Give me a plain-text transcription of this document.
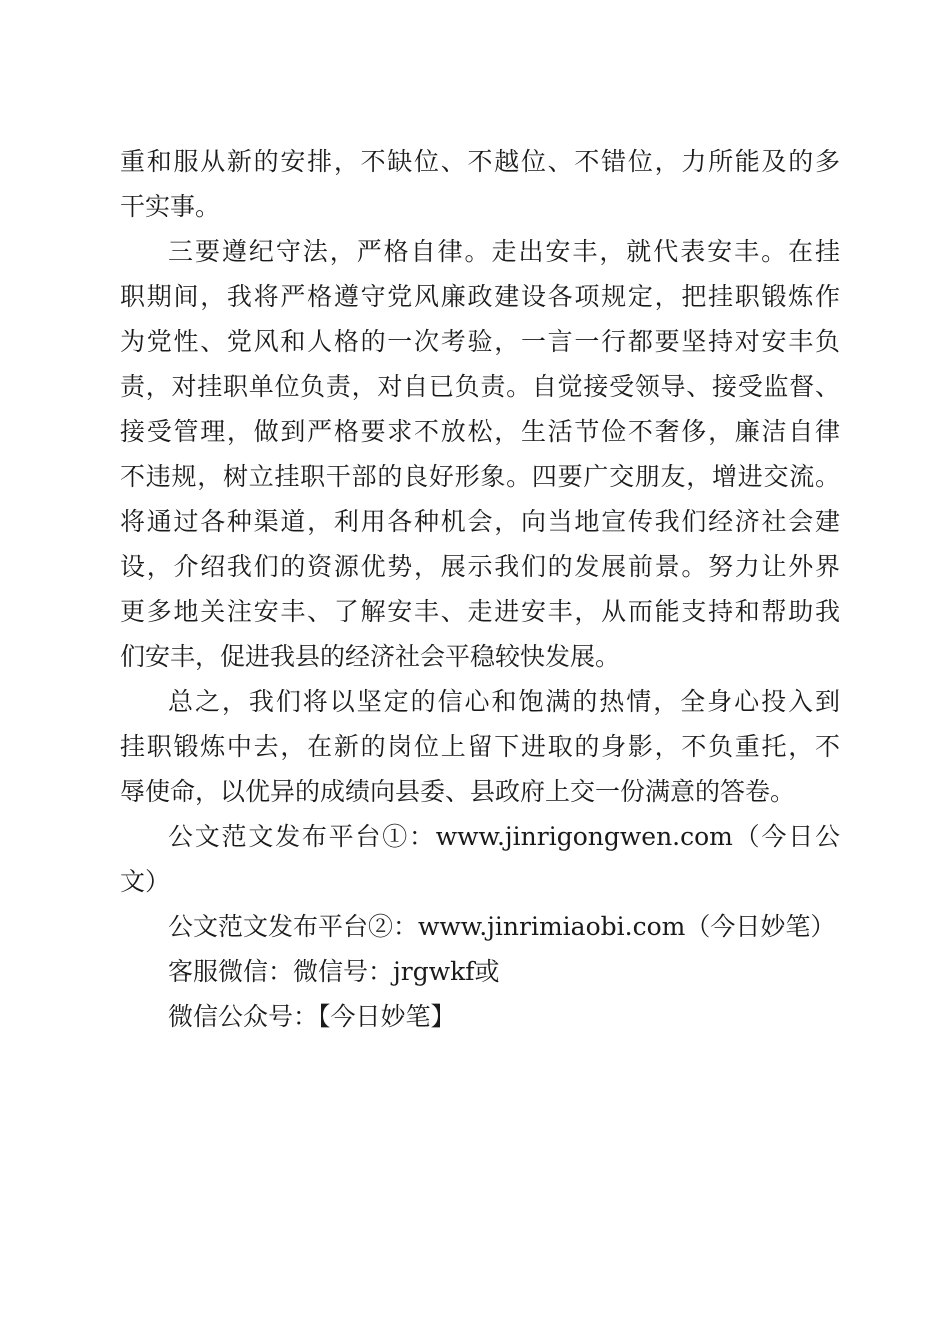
重和服从新的安排，不缺位、不越位、不错位，力所能及的多
干实事。
三要遵纪守法，严格自律。走出安丰，就代表安丰。在挂
职期间，我将严格遵守党风廉政建设各项规定，把挂职锻炼作
为党性、党风和人格的一次考验，一言一行都要坚持对安丰负
责，对挂职单位负责，对自已负责。自觉接受领导、接受监督、
接受管理，做到严格要求不放松，生活节俭不奢侈，廉洁自律
不违规，树立挂职干部的良好形象。四要广交朋友，增进交流。
将通过各种渠道，利用各种机会，向当地宣传我们经济社会建
设，介绍我们的资源优势，展示我们的发展前景。努力让外界
更多地关注安丰、了解安丰、走进安丰，从而能支持和帮助我
们安丰，促进我县的经济社会平稳较快发展。
总之，我们将以坚定的信心和饱满的热情，全身心投入到
挂职锻炼中去，在新的岗位上留下进取的身影，不负重托，不
辱使命，以优异的成绩向县委、县政府上交一份满意的答卷。
公文范文发布平台①：www.jinrigongwen.com（今日公
文）
公文范文发布平台②：www.jinrimiaobi.com（今日妙笔）
客服微信：微信号：jrgwkf或
微信公众号：【今日妙笔】
